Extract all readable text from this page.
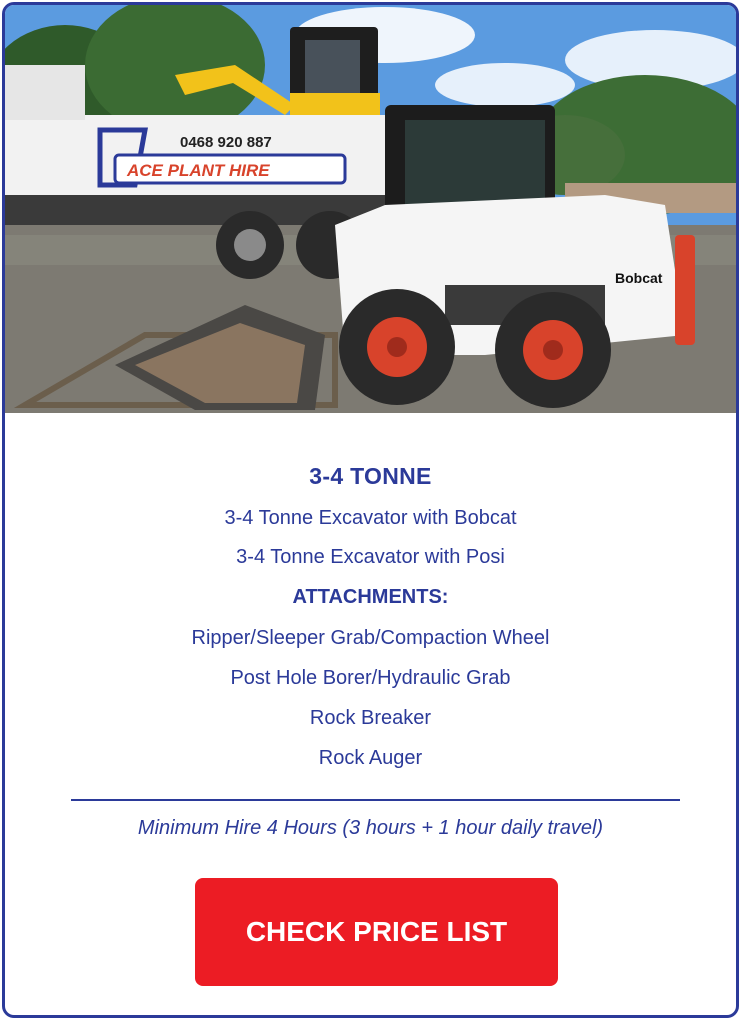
0468 920 887
ACE PLANT HIRE
Bobcat
3-4 TONNE
3-4 Tonne Excavator with Bobcat
3-4 Tonne Excavator with Posi
ATTACHMENTS:
Ripper/Sleeper Grab/Compaction Wheel
Post Hole Borer/Hydraulic Grab
Rock Breaker
Rock Auger
Minimum Hire 4 Hours (3 hours + 1 hour daily travel)
CHECK PRICE LIST
